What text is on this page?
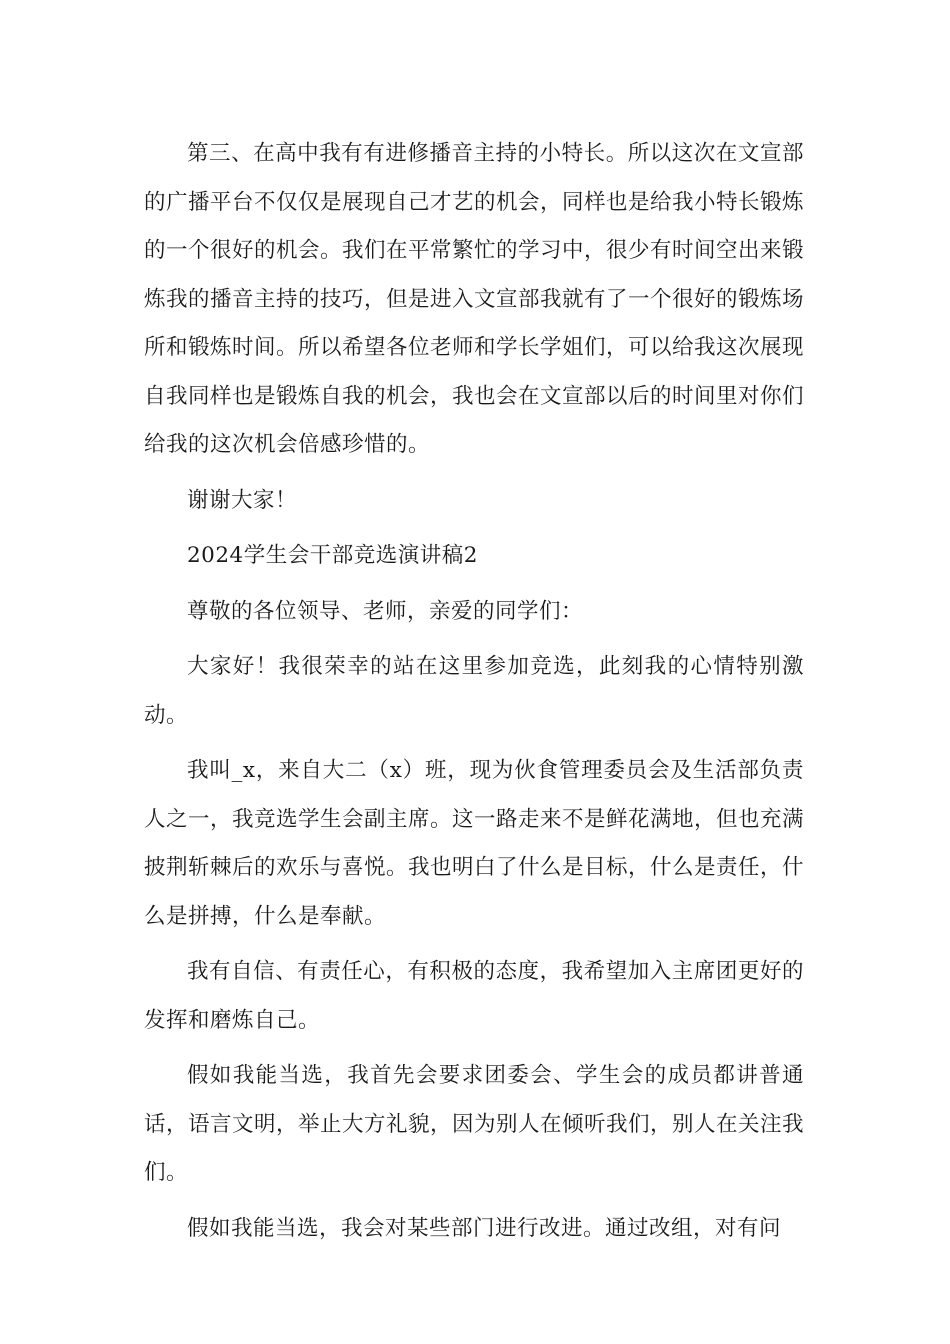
第三、在高中我有有进修播音主持的小特长。所以这次在文宣部的广播平台不仅仅是展现自己才艺的机会，同样也是给我小特长锻炼的一个很好的机会。我们在平常繁忙的学习中，很少有时间空出来锻炼我的播音主持的技巧，但是进入文宣部我就有了一个很好的锻炼场所和锻炼时间。所以希望各位老师和学长学姐们，可以给我这次展现自我同样也是锻炼自我的机会，我也会在文宣部以后的时间里对你们给我的这次机会倍感珍惜的。

谢谢大家！

2024学生会干部竞选演讲稿2

尊敬的各位领导、老师，亲爱的同学们：

大家好！我很荣幸的站在这里参加竞选，此刻我的心情特别激动。

我叫_x，来自大二（x）班，现为伙食管理委员会及生活部负责人之一，我竞选学生会副主席。这一路走来不是鲜花满地，但也充满披荆斩棘后的欢乐与喜悦。我也明白了什么是目标，什么是责任，什么是拼搏，什么是奉献。

我有自信、有责任心，有积极的态度，我希望加入主席团更好的发挥和磨炼自己。

假如我能当选，我首先会要求团委会、学生会的成员都讲普通话，语言文明，举止大方礼貌，因为别人在倾听我们，别人在关注我们。

假如我能当选，我会对某些部门进行改进。通过改组，对有问
